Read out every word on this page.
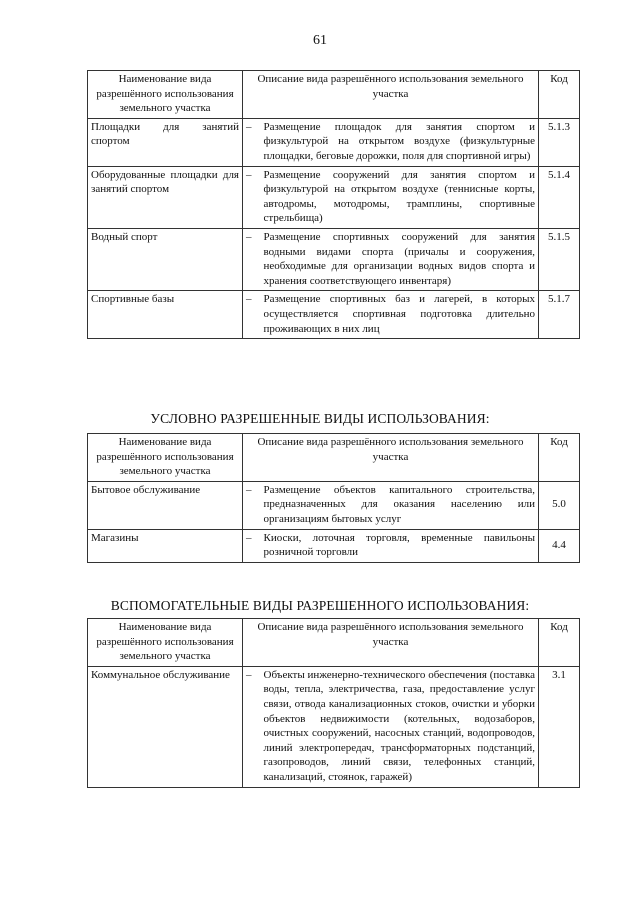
61
Наименование вида разрешённого использования земельного участка	Описание вида разрешённого использования земельного участка		Код
Площадки для занятий спортом	–	Размещение площадок для занятия спортом и физкультурой на открытом воздухе (физкультурные площадки, беговые дорожки, поля для спортивной игры)	5.1.3
Оборудованные площадки для занятий спортом	–	Размещение сооружений для занятия спортом и физкультурой на открытом воздухе (теннисные корты, автодромы, мотодромы, трамплины, спортивные стрельбища)	5.1.4
Водный спорт	–	Размещение спортивных сооружений для занятия водными видами спорта (причалы и сооружения, необходимые для организации водных видов спорта и хранения соответствующего инвентаря)	5.1.5
Спортивные базы	–	Размещение спортивных баз и лагерей, в которых осуществляется спортивная подготовка длительно проживающих в них лиц	5.1.7
УСЛОВНО РАЗРЕШЕННЫЕ ВИДЫ ИСПОЛЬЗОВАНИЯ:
Наименование вида разрешённого использования земельного участка	Описание вида разрешённого использования земельного участка		Код
Бытовое обслуживание	–	Размещение объектов капитального строительства, предназначенных для оказания населению или организациям бытовых услуг	5.0
Магазины	–	Киоски, лоточная торговля, временные павильоны розничной торговли	4.4
ВСПОМОГАТЕЛЬНЫЕ ВИДЫ РАЗРЕШЕННОГО ИСПОЛЬЗОВАНИЯ:
Наименование вида разрешённого использования земельного участка	Описание вида разрешённого использования земельного участка		Код
Коммунальное обслуживание	–	Объекты инженерно-технического обеспечения (поставка воды, тепла, электричества, газа, предоставление услуг связи, отвода канализационных стоков, очистки и уборки объектов недвижимости (котельных, водозаборов, очистных сооружений, насосных станций, водопроводов, линий электропередач, трансформаторных подстанций, газопроводов, линий связи, телефонных станций, канализаций, стоянок, гаражей)	3.1
